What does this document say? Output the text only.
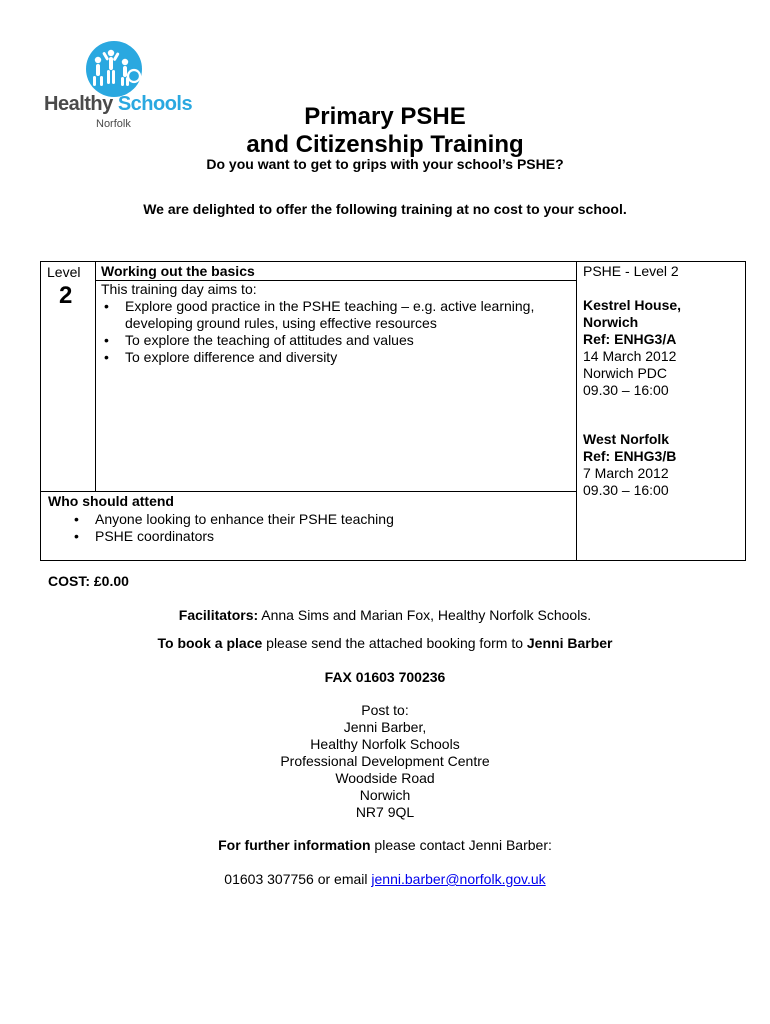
Healthy Schools
Norfolk	Primary PSHE
and Citizenship Training
Do you want to get to grips with your school’s PSHE?
We are delighted to offer the following training at no cost to your school.
Level
2
Working out the basics
This training day aims to:
• Explore good practice in the PSHE teaching – e.g. active learning, developing ground rules, using effective resources
• To explore the teaching of attitudes and values
• To explore difference and diversity
Who should attend
• Anyone looking to enhance their PSHE teaching
• PSHE coordinators
PSHE - Level 2
Kestrel House,
Norwich
Ref: ENHG3/A
14 March 2012
Norwich PDC
09.30 – 16:00
West Norfolk
Ref: ENHG3/B
7 March 2012
09.30 – 16:00
COST: £0.00
Facilitators: Anna Sims and Marian Fox, Healthy Norfolk Schools.
To book a place please send the attached booking form to Jenni Barber
FAX 01603 700236
Post to:
Jenni Barber,
Healthy Norfolk Schools
Professional Development Centre
Woodside Road
Norwich
NR7 9QL
For further information please contact Jenni Barber:
01603 307756 or email jenni.barber@norfolk.gov.uk
